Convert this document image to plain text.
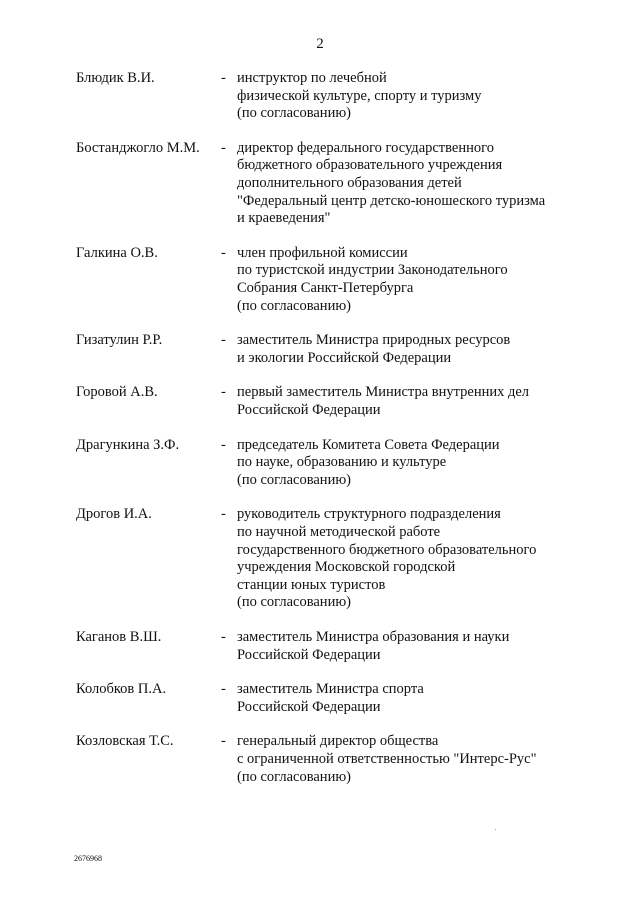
2
Блюдик В.И.	- инструктор по лечебной
физической культуре, спорту и туризму
(по согласованию)
Бостанджогло М.М. - директор федерального государственного
бюджетного образовательного учреждения
дополнительного образования детей
"Федеральный центр детско-юношеского туризма
и краеведения"
Галкина О.В.	- член профильной комиссии
по туристской индустрии Законодательного
Собрания Санкт-Петербурга
(по согласованию)
Гизатулин Р.Р.	- заместитель Министра природных ресурсов
и экологии Российской Федерации
Горовой А.В.	- первый заместитель Министра внутренних дел
Российской Федерации
Драгункина З.Ф.	- председатель Комитета Совета Федерации
по науке, образованию и культуре
(по согласованию)
Дрогов И.А.	- руководитель структурного подразделения
по научной методической работе
государственного бюджетного образовательного
учреждения Московской городской
станции юных туристов
(по согласованию)
Каганов В.Ш.	- заместитель Министра образования и науки
Российской Федерации
Колобков П.А.	- заместитель Министра спорта
Российской Федерации
Козловская Т.С.	- генеральный директор общества
с ограниченной ответственностью "Интерс-Рус"
(по согласованию)
2676968
